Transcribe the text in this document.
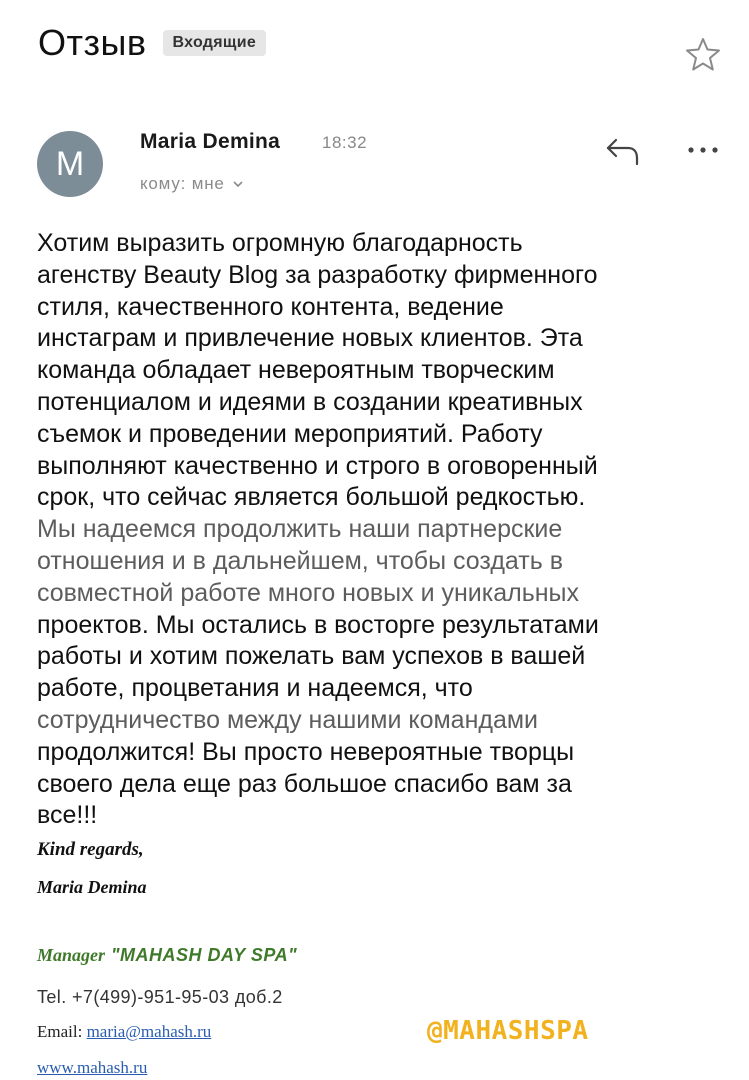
Отзыв	Входящие
M
Maria Demina 18:32
кому: мне
Хотим выразить огромную благодарность
агенству Beauty Blog за разработку фирменного
стиля, качественного контента, ведение
инстаграм и привлечение новых клиентов. Эта
команда обладает невероятным творческим
потенциалом и идеями в создании креативных
съемок и проведении мероприятий. Работу
выполняют качественно и строго в оговоренный
срок, что сейчас является большой редкостью.
Мы надеемся продолжить наши партнерские
отношения и в дальнейшем, чтобы создать в
совместной работе много новых и уникальных
проектов. Мы остались в восторге результатами
работы и хотим пожелать вам успехов в вашей
работе, процветания и надеемся, что
сотрудничество между нашими командами
продолжится! Вы просто невероятные творцы
своего дела еще раз большое спасибо вам за
все!!!
Kind regards,
Maria Demina
Manager "MAHASH DAY SPA"
Tel. +7(499)-951-95-03 доб.2
Email: maria@mahash.ru
www.mahash.ru
@MAHASHSPA
